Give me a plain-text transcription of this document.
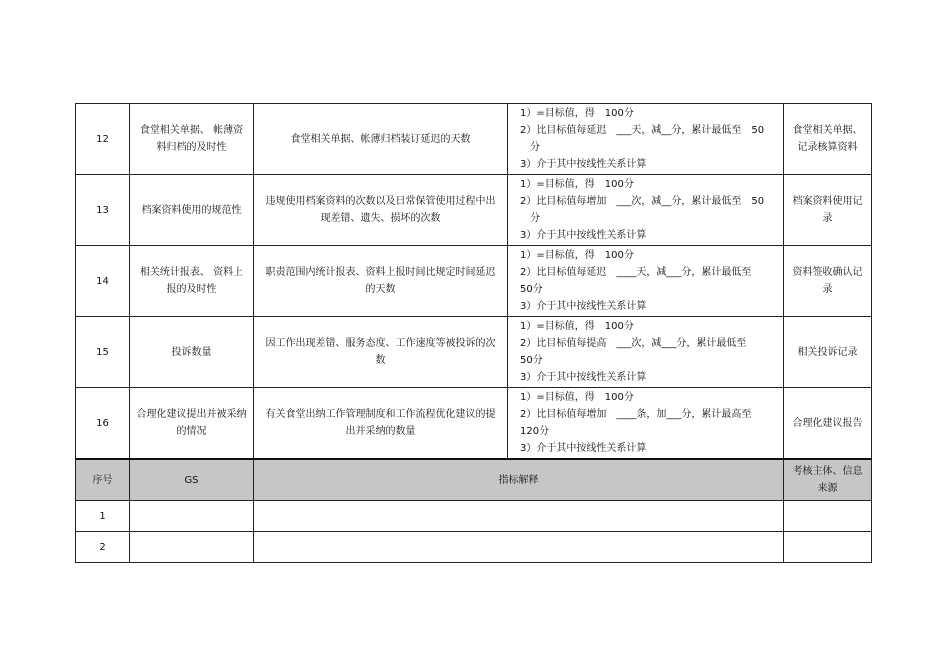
12	食堂相关单据、 帐薄资料归档的及时性	食堂相关单据、帐薄归档装订延迟的天数	1）=目标值，得　100分
2）比目标值每延迟　___天，减__分，累计最低至　50
　分
3）介于其中按线性关系计算	食堂相关单据、记录核算资料
13	档案资料使用的规范性	违规使用档案资料的次数以及日常保管使用过程中出现差错、遗失、损坏的次数	1）=目标值，得　100分
2）比目标值每增加　___次，减__分，累计最低至　50
　分
3）介于其中按线性关系计算	档案资料使用记录
14	相关统计报表、 资料上报的及时性	职责范围内统计报表、资料上报时间比规定时间延迟的天数	1）=目标值，得　100分
2）比目标值每延迟　____天，减___分，累计最低至
50分
3）介于其中按线性关系计算	资料签收确认记录
15	投诉数量	因工作出现差错、服务态度、工作速度等被投诉的次数	1）=目标值，得　100分
2）比目标值每提高　___次，减___分，累计最低至
50分
3）介于其中按线性关系计算	相关投诉记录
16	合理化建议提出并被采纳的情况	有关食堂出纳工作管理制度和工作流程优化建议的提出并采纳的数量	1）=目标值，得　100分
2）比目标值每增加　____条，加___分，累计最高至
120分
3）介于其中按线性关系计算	合理化建议报告
序号	GS	指标解释		考核主体、信息来源
1				
2				
